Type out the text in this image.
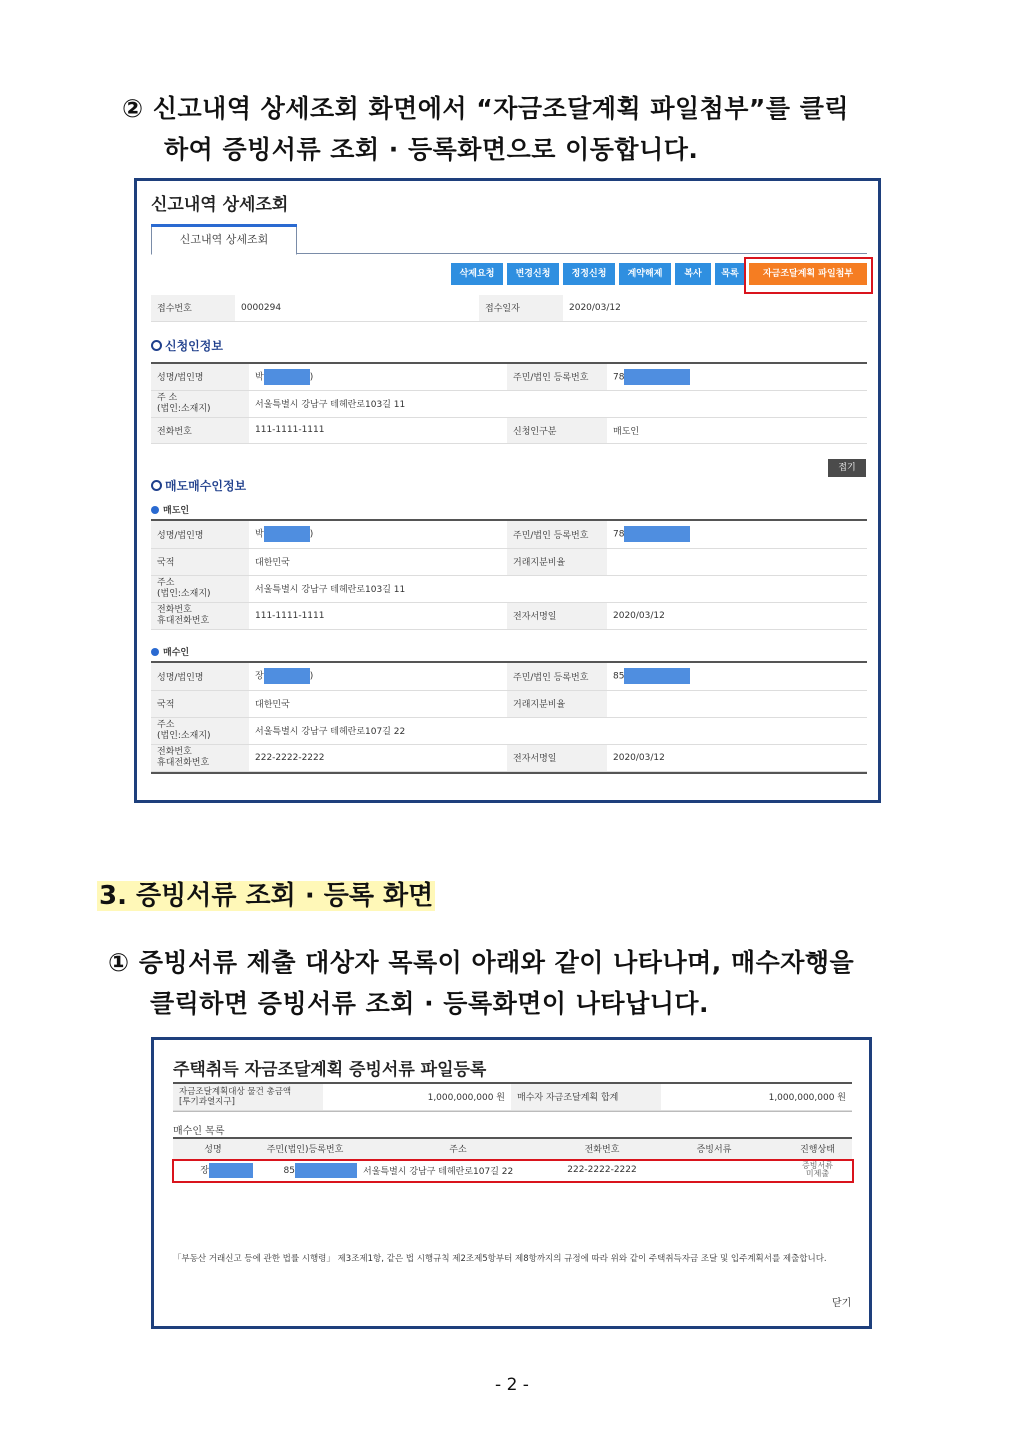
② 신고내역 상세조회 화면에서 “자금조달계획 파일첨부”를 클릭
하여 증빙서류 조회 · 등록화면으로 이동합니다.
신고내역 상세조회
신고내역 상세조회
삭제요청	변경신청	정정신청	계약해제	복사	목록	자금조달계획 파일첨부
접수번호	0000294	접수일자	2020/03/12
신청인정보
성명/법인명	박 )	주민/법인 등록번호	78

주 소
(법인:소재지)	서울특별시 강남구 테헤란로103길 11		
전화번호	111-1111-1111	신청인구분	매도인
접기
매도매수인정보
매도인
성명/법인명	박 )	주민/법인 등록번호	78
국적	대한민국	거래지분비율	

주소
(법인:소재지)	서울특별시 강남구 테헤란로103길 11		

전화번호
휴대전화번호	111-1111-1111	전자서명일	2020/03/12
매수인
성명/법인명	장 )	주민/법인 등록번호	85
국적	대한민국	거래지분비율	

주소
(법인:소재지)	서울특별시 강남구 테헤란로107길 22		

전화번호
휴대전화번호	222-2222-2222	전자서명일	2020/03/12
3. 증빙서류 조회 · 등록 화면
① 증빙서류 제출 대상자 목록이 아래와 같이 나타나며, 매수자행을
클릭하면 증빙서류 조회 · 등록화면이 나타납니다.
주택취득 자금조달계획 증빙서류 파일등록
자금조달계획대상 물건 총금액
[투기과열지구]	1,000,000,000 원	매수자 자금조달계획 합계	1,000,000,000 원
매수인 목록
성명	주민(법인)등록번호	주소	전화번호	증빙서류	진행상태
장	85	서울특별시 강남구 테헤란로107길 22	222-2222-2222		증빙서류
미제출
「부동산 거래신고 등에 관한 법률 시행령」 제3조제1항, 같은 법 시행규칙 제2조제5항부터 제8항까지의 규정에 따라 위와 같이 주택취득자금 조달 및 입주계획서를 제출합니다.
닫기
- 2 -
